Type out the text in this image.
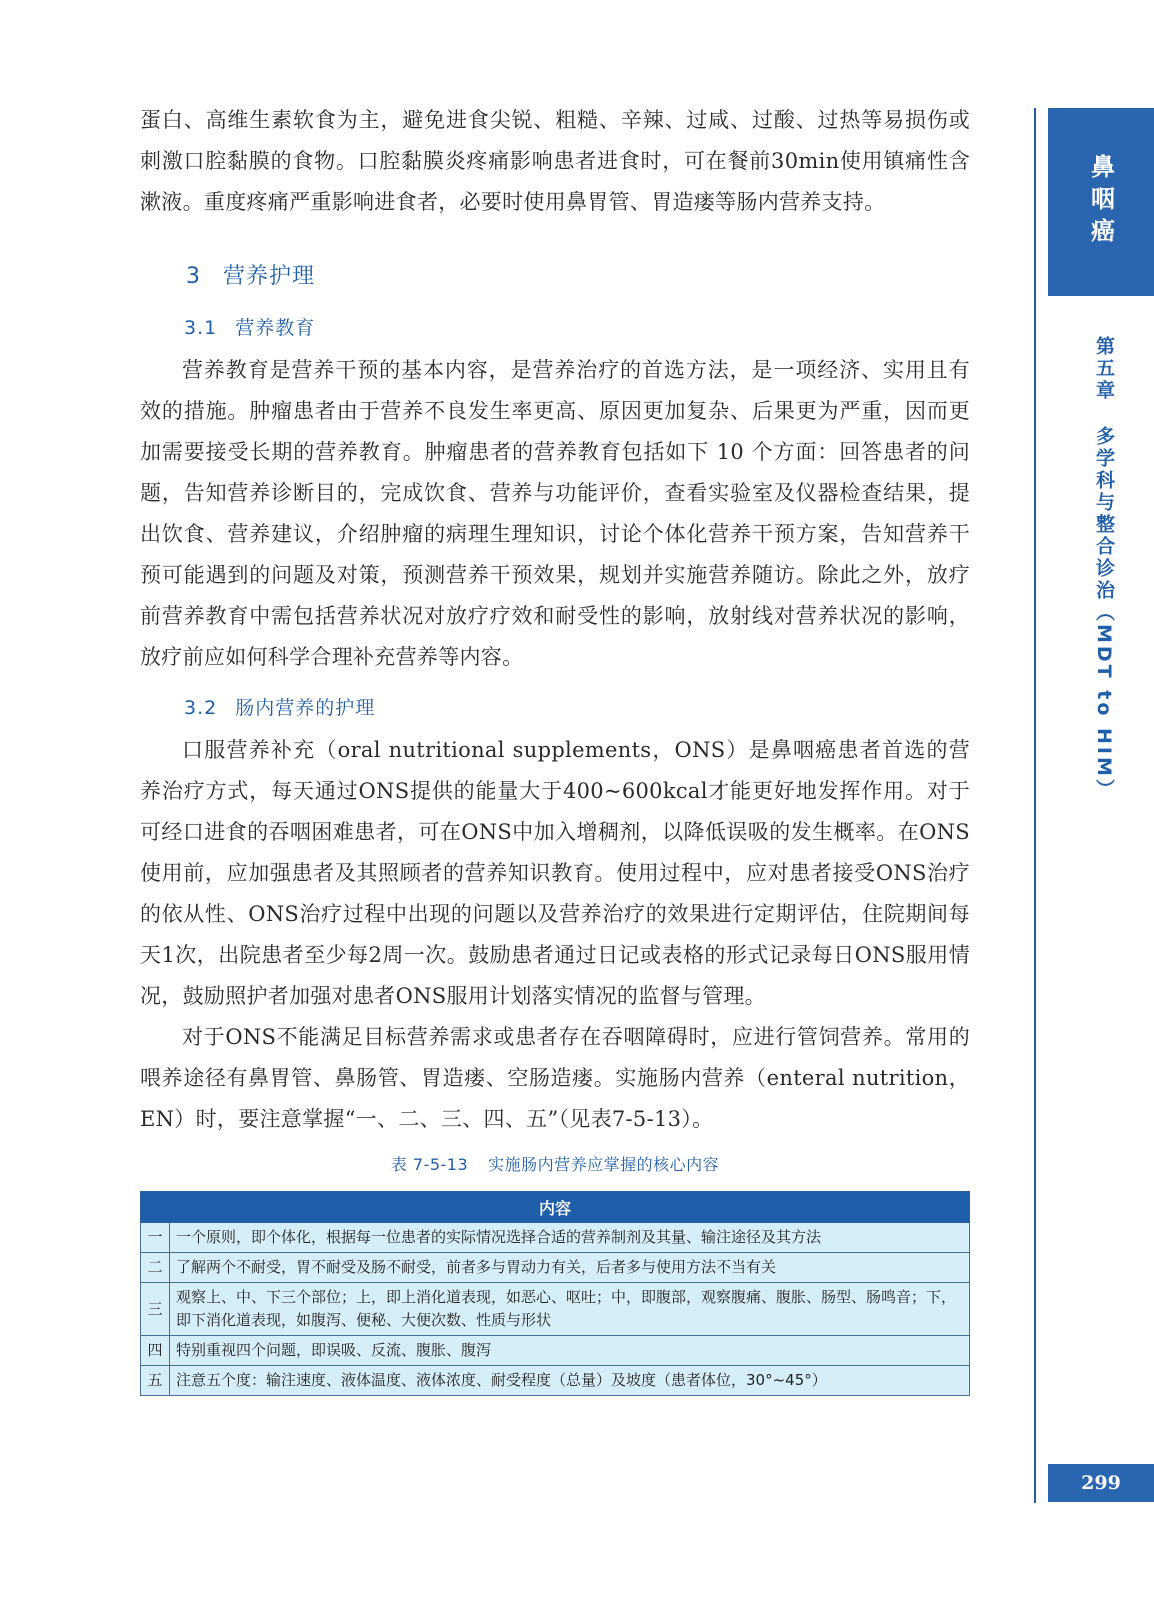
蛋白、高维生素软食为主，避免进食尖锐、粗糙、辛辣、过咸、过酸、过热等易损伤或刺激口腔黏膜的食物。口腔黏膜炎疼痛影响患者进食时，可在餐前30min使用镇痛性含漱液。重度疼痛严重影响进食者，必要时使用鼻胃管、胃造瘘等肠内营养支持。

3 营养护理
3.1 营养教育

营养教育是营养干预的基本内容，是营养治疗的首选方法，是一项经济、实用且有效的措施。肿瘤患者由于营养不良发生率更高、原因更加复杂、后果更为严重，因而更加需要接受长期的营养教育。肿瘤患者的营养教育包括如下 10 个方面：回答患者的问题，告知营养诊断目的，完成饮食、营养与功能评价，查看实验室及仪器检查结果，提出饮食、营养建议，介绍肿瘤的病理生理知识，讨论个体化营养干预方案，告知营养干预可能遇到的问题及对策，预测营养干预效果，规划并实施营养随访。除此之外，放疗前营养教育中需包括营养状况对放疗疗效和耐受性的影响，放射线对营养状况的影响，放疗前应如何科学合理补充营养等内容。

3.2 肠内营养的护理

口服营养补充（oral nutritional supplements，ONS）是鼻咽癌患者首选的营养治疗方式，每天通过ONS提供的能量大于400~600kcal才能更好地发挥作用。对于可经口进食的吞咽困难患者，可在ONS中加入增稠剂，以降低误吸的发生概率。在ONS使用前，应加强患者及其照顾者的营养知识教育。使用过程中，应对患者接受ONS治疗的依从性、ONS治疗过程中出现的问题以及营养治疗的效果进行定期评估，住院期间每天1次，出院患者至少每2周一次。鼓励患者通过日记或表格的形式记录每日ONS服用情况，鼓励照护者加强对患者ONS服用计划落实情况的监督与管理。

对于ONS不能满足目标营养需求或患者存在吞咽障碍时，应进行管饲营养。常用的喂养途径有鼻胃管、鼻肠管、胃造瘘、空肠造瘘。实施肠内营养（enteral nutrition，EN）时，要注意掌握“一、二、三、四、五”（见表7-5-13）。

表 7-5-13 实施肠内营养应掌握的核心内容
内容	
一	一个原则，即个体化，根据每一位患者的实际情况选择合适的营养制剂及其量、输注途径及其方法
二	了解两个不耐受，胃不耐受及肠不耐受，前者多与胃动力有关，后者多与使用方法不当有关
三	观察上、中、下三个部位；上，即上消化道表现，如恶心、呕吐；中，即腹部，观察腹痛、腹胀、肠型、肠鸣音；下，即下消化道表现，如腹泻、便秘、大便次数、性质与形状
四	特别重视四个问题，即误吸、反流、腹胀、腹泻
五	注意五个度：输注速度、液体温度、液体浓度、耐受程度（总量）及坡度（患者体位，30°~45°）
鼻咽癌
第五章多学科与整合诊治（MDT to HIM）
299
